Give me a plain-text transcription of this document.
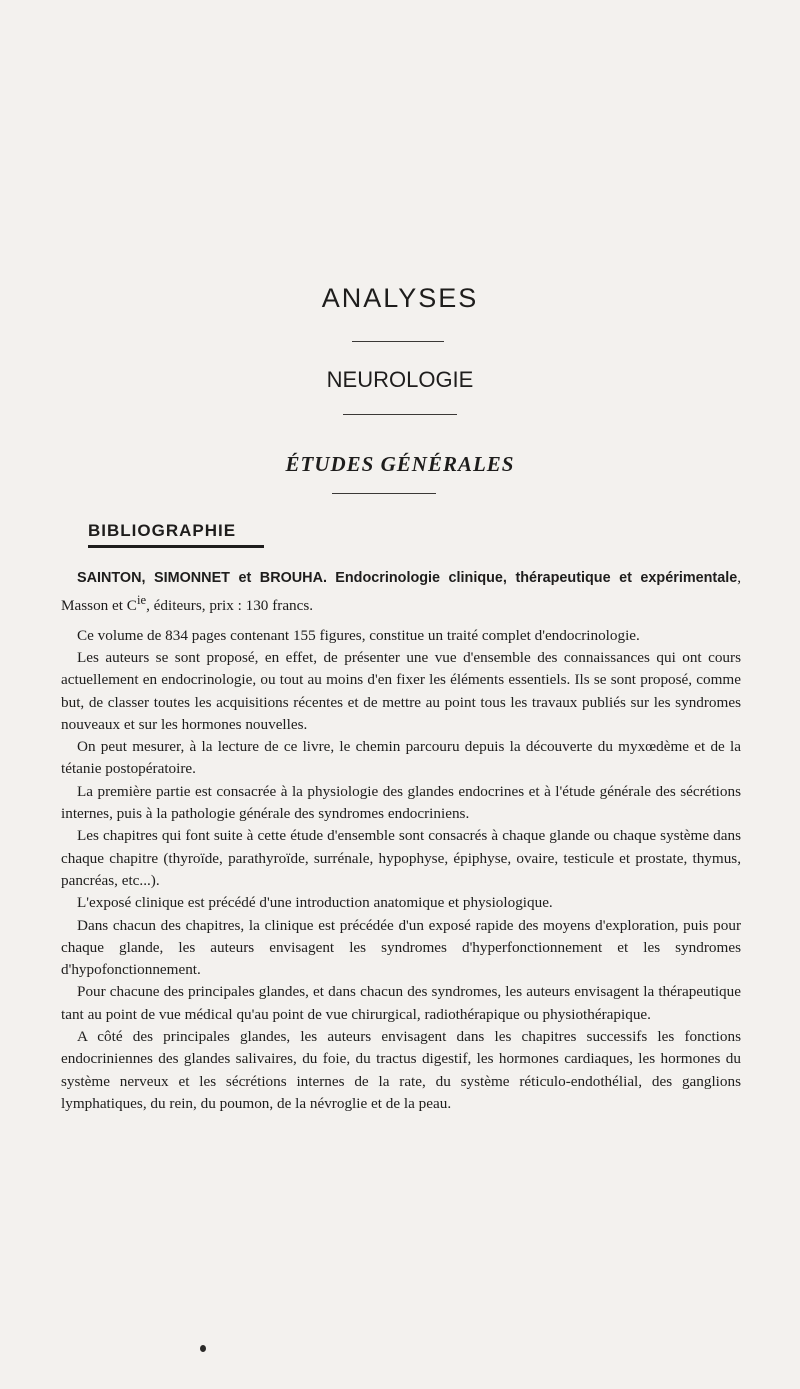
ANALYSES
NEUROLOGIE
ÉTUDES GÉNÉRALES
BIBLIOGRAPHIE

SAINTON, SIMONNET et BROUHA. Endocrinologie clinique, thérapeutique et expérimentale, Masson et $C^{ie}$, éditeurs, prix : 130 francs.

Ce volume de 834 pages contenant 155 figures, constitue un traité complet d'endocrinologie.

Les auteurs se sont proposé, en effet, de présenter une vue d'ensemble des connaissances qui ont cours actuellement en endocrinologie, ou tout au moins d'en fixer les éléments essentiels. Ils se sont proposé, comme but, de classer toutes les acquisitions récentes et de mettre au point tous les travaux publiés sur les syndromes nouveaux et sur les hormones nouvelles.

On peut mesurer, à la lecture de ce livre, le chemin parcouru depuis la découverte du myxœdème et de la tétanie postopératoire.

La première partie est consacrée à la physiologie des glandes endocrines et à l'étude générale des sécrétions internes, puis à la pathologie générale des syndromes endocriniens.

Les chapitres qui font suite à cette étude d'ensemble sont consacrés à chaque glande ou chaque système dans chaque chapitre (thyroïde, parathyroïde, surrénale, hypophyse, épiphyse, ovaire, testicule et prostate, thymus, pancréas, etc...).

L'exposé clinique est précédé d'une introduction anatomique et physiologique.

Dans chacun des chapitres, la clinique est précédée d'un exposé rapide des moyens d'exploration, puis pour chaque glande, les auteurs envisagent les syndromes d'hyperfonctionnement et les syndromes d'hypofonctionnement.

Pour chacune des principales glandes, et dans chacun des syndromes, les auteurs envisagent la thérapeutique tant au point de vue médical qu'au point de vue chirurgical, radiothérapique ou physiothérapique.

A côté des principales glandes, les auteurs envisagent dans les chapitres successifs les fonctions endocriniennes des glandes salivaires, du foie, du tractus digestif, les hormones cardiaques, les hormones du système nerveux et les sécrétions internes de la rate, du système réticulo-endothélial, des ganglions lymphatiques, du rein, du poumon, de la névroglie et de la peau.
